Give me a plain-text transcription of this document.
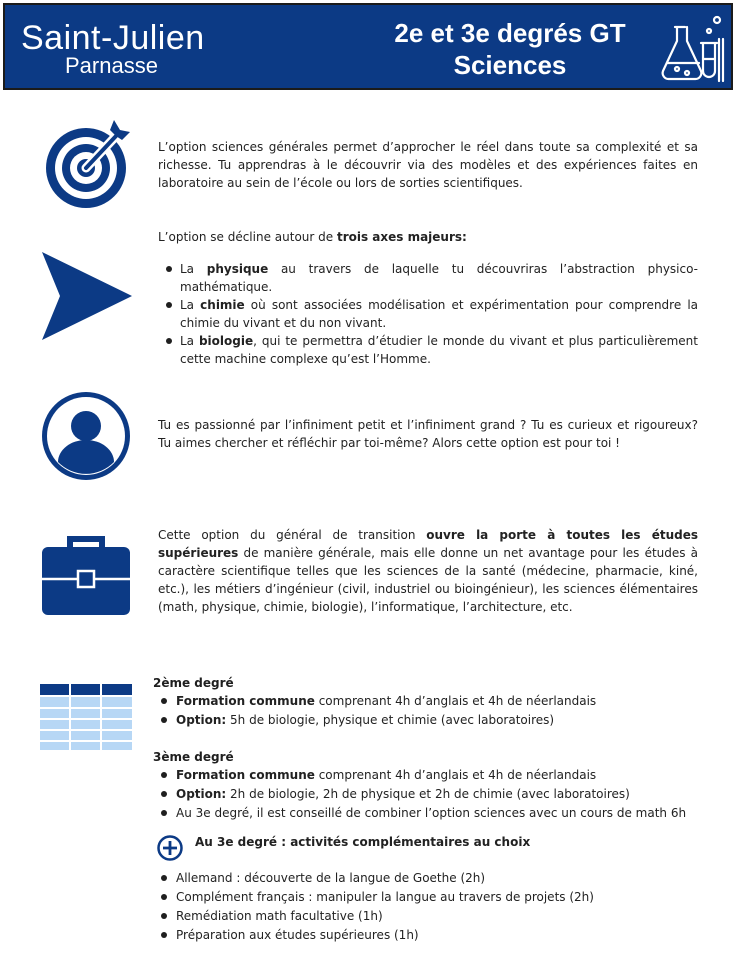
Saint-Julien
Parnasse
2e et 3e degrés GT
Sciences
L’option sciences générales permet d’approcher le réel dans toute sa complexité et sa richesse. Tu apprendras à le découvrir via des modèles et des expériences faites en laboratoire au sein de l’école ou lors de sorties scientifiques.
L’option se décline autour de trois axes majeurs:
La physique au travers de laquelle tu découvriras l’abstraction physico-mathématique.
La chimie où sont associées modélisation et expérimentation pour comprendre la chimie du vivant et du non vivant.
La biologie, qui te permettra d’étudier le monde du vivant et plus particulièrement cette machine complexe qu’est l’Homme.
Tu es passionné par l’infiniment petit et l’infiniment grand ? Tu es curieux et rigoureux? Tu aimes chercher et réfléchir par toi-même? Alors cette option est pour toi !
Cette option du général de transition ouvre la porte à toutes les études supérieures de manière générale, mais elle donne un net avantage pour les études à caractère scientifique telles que les sciences de la santé (médecine, pharmacie, kiné, etc.), les métiers d’ingénieur (civil, industriel ou bioingénieur), les sciences élémentaires (math, physique, chimie, biologie), l’informatique, l’architecture, etc.
2ème degré
Formation commune comprenant 4h d’anglais et 4h de néerlandais
Option: 5h de biologie, physique et chimie (avec laboratoires)
3ème degré
Formation commune comprenant 4h d’anglais et 4h de néerlandais
Option: 2h de biologie, 2h de physique et 2h de chimie (avec laboratoires)
Au 3e degré, il est conseillé de combiner l’option sciences avec un cours de math 6h
Au 3e degré : activités complémentaires au choix
Allemand : découverte de la langue de Goethe (2h)
Complément français : manipuler la langue au travers de projets (2h)
Remédiation math facultative (1h)
Préparation aux études supérieures (1h)
